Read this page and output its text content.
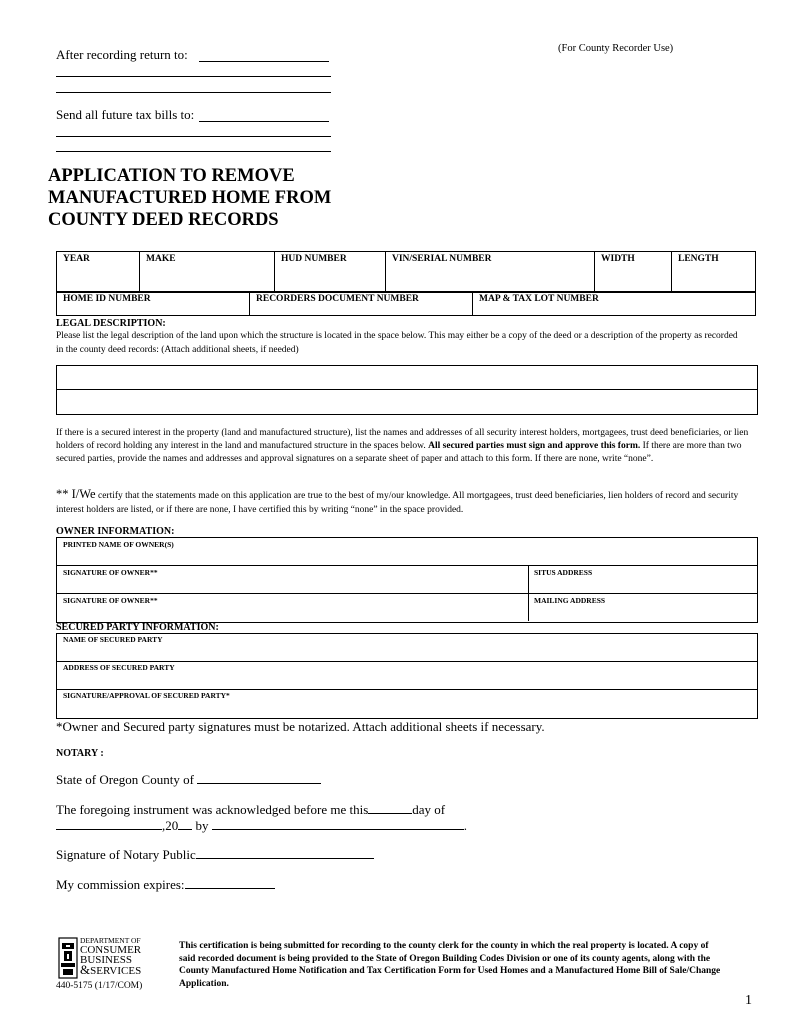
After recording return to:	(For County Recorder Use)
Send all future tax bills to:
APPLICATION TO REMOVE
MANUFACTURED HOME FROM
COUNTY DEED RECORDS
YEAR	MAKE	HUD NUMBER	VIN/SERIAL NUMBER	WIDTH	LENGTH
HOME ID NUMBER	RECORDERS DOCUMENT NUMBER	MAP & TAX LOT NUMBER
LEGAL DESCRIPTION:
Please list the legal description of the land upon which the structure is located in the space below. This may either be a copy of the deed or a description of the property as recorded in the county deed records: (Attach additional sheets, if needed)
If there is a secured interest in the property (land and manufactured structure), list the names and addresses of all security interest holders, mortgagees, trust deed beneficiaries, or lien holders of record holding any interest in the land and manufactured structure in the spaces below. All secured parties must sign and approve this form. If there are more than two secured parties, provide the names and addresses and approval signatures on a separate sheet of paper and attach to this form. If there are none, write “none”.
** I/We certify that the statements made on this application are true to the best of my/our knowledge. All mortgagees, trust deed beneficiaries, lien holders of record and security interest holders are listed, or if there are none, I have certified this by writing “none” in the space provided.
OWNER INFORMATION:
PRINTED NAME OF OWNER(S)
SIGNATURE OF OWNER**	SITUS ADDRESS
SIGNATURE OF OWNER**	MAILING ADDRESS
SECURED PARTY INFORMATION:
NAME OF SECURED PARTY
ADDRESS OF SECURED PARTY
SIGNATURE/APPROVAL OF SECURED PARTY*
*Owner and Secured party signatures must be notarized. Attach additional sheets if necessary.
NOTARY :
State of Oregon County of
The foregoing instrument was acknowledged before me this	day of
,20 by	.
Signature of Notary Public
My commission expires:
DEPARTMENT OF
CONSUMER
BUSINESS
&SERVICES
440-5175 (1/17/COM)
This certification is being submitted for recording to the county clerk for the county in which the real property is located. A copy of said recorded document is being provided to the State of Oregon Building Codes Division or one of its county agents, along with the County Manufactured Home Notification and Tax Certification Form for Used Homes and a Manufactured Home Bill of Sale/Change Application.
1
